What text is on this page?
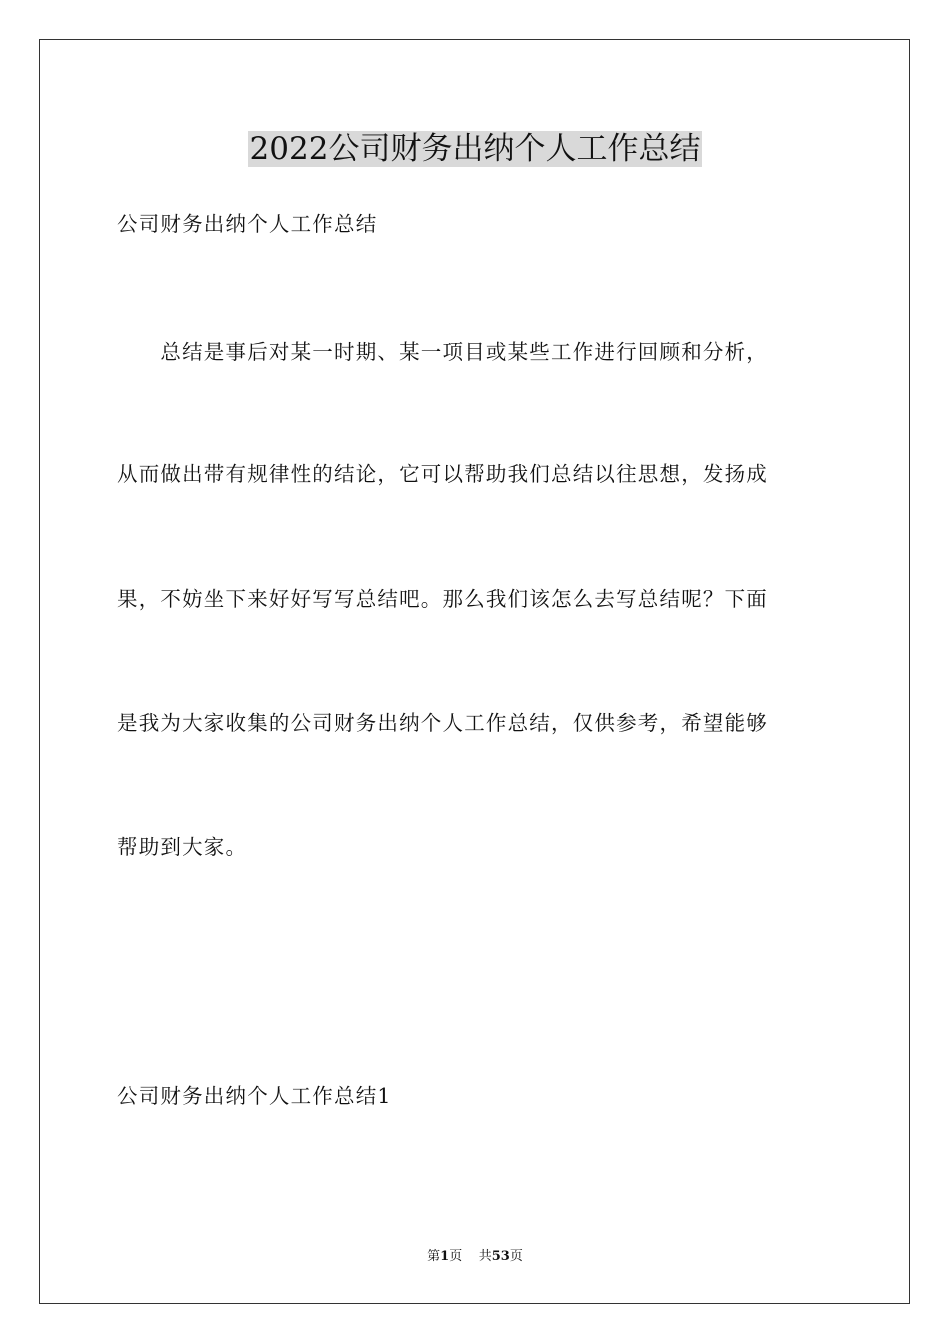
2022公司财务出纳个人工作总结

公司财务出纳个人工作总结

　　总结是事后对某一时期、某一项目或某些工作进行回顾和分析，

从而做出带有规律性的结论，它可以帮助我们总结以往思想，发扬成

果，不妨坐下来好好写写总结吧。那么我们该怎么去写总结呢？下面

是我为大家收集的公司财务出纳个人工作总结，仅供参考，希望能够

帮助到大家。

公司财务出纳个人工作总结1

第1页 共53页
